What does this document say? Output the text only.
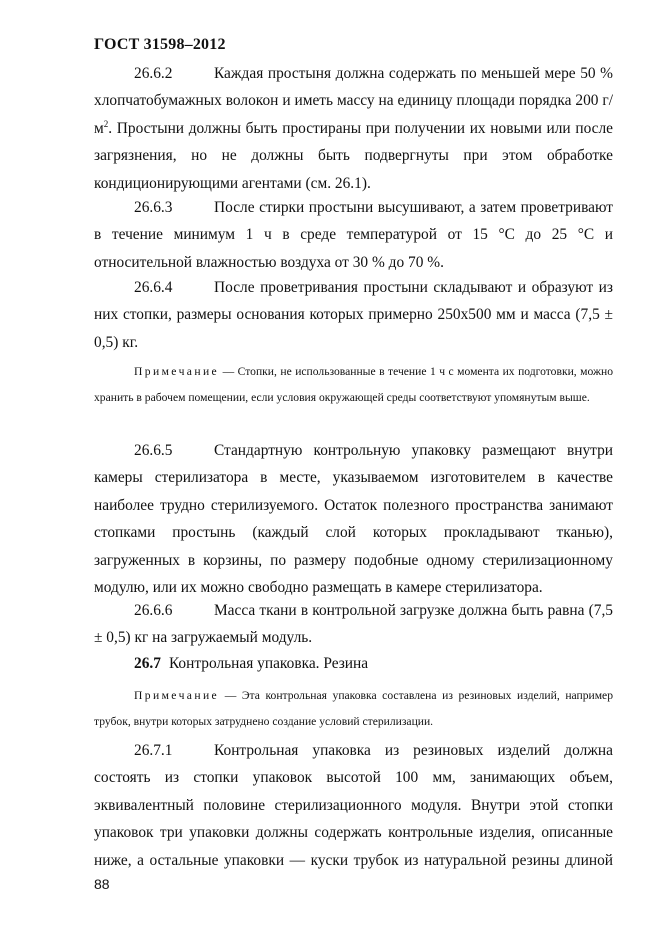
ГОСТ 31598–2012
26.6.2	Каждая простыня должна содержать по меньшей мере 50 % хлопчатобумажных волокон и иметь массу на единицу площади порядка 200 $г/м^2$. Простыни должны быть простираны при получении их новыми или после загрязнения, но не должны быть подвергнуты при этом обработке кондиционирующими агентами (см. 26.1).
26.6.3	После стирки простыни высушивают, а затем проветривают в течение минимум 1 ч в среде температурой от 15 °С до 25 °С и относительной влажностью воздуха от 30 % до 70 %.
26.6.4	После проветривания простыни складывают и образуют из них стопки, размеры основания которых примерно 250x500 мм и масса (7,5 ± 0,5) кг.
Примечание — Стопки, не использованные в течение 1 ч с момента их подготовки, можно хранить в рабочем помещении, если условия окружающей среды соответствуют упомянутым выше.
26.6.5	Стандартную контрольную упаковку размещают внутри камеры стерилизатора в месте, указываемом изготовителем в качестве наиболее трудно стерилизуемого. Остаток полезного пространства занимают стопками простынь (каждый слой которых прокладывают тканью), загруженных в корзины, по размеру подобные одному стерилизационному модулю, или их можно свободно размещать в камере стерилизатора.
26.6.6	Масса ткани в контрольной загрузке должна быть равна (7,5 ± 0,5) кг на загружаемый модуль.
26.7 Контрольная упаковка. Резина
Примечание — Эта контрольная упаковка составлена из резиновых изделий, например трубок, внутри которых затруднено создание условий стерилизации.
26.7.1	Контрольная упаковка из резиновых изделий должна состоять из стопки упаковок высотой 100 мм, занимающих объем, эквивалентный половине стерилизационного модуля. Внутри этой стопки упаковок три упаковки должны содержать контрольные изделия, описанные ниже, а остальные упаковки — куски трубок из натуральной резины длиной
88
